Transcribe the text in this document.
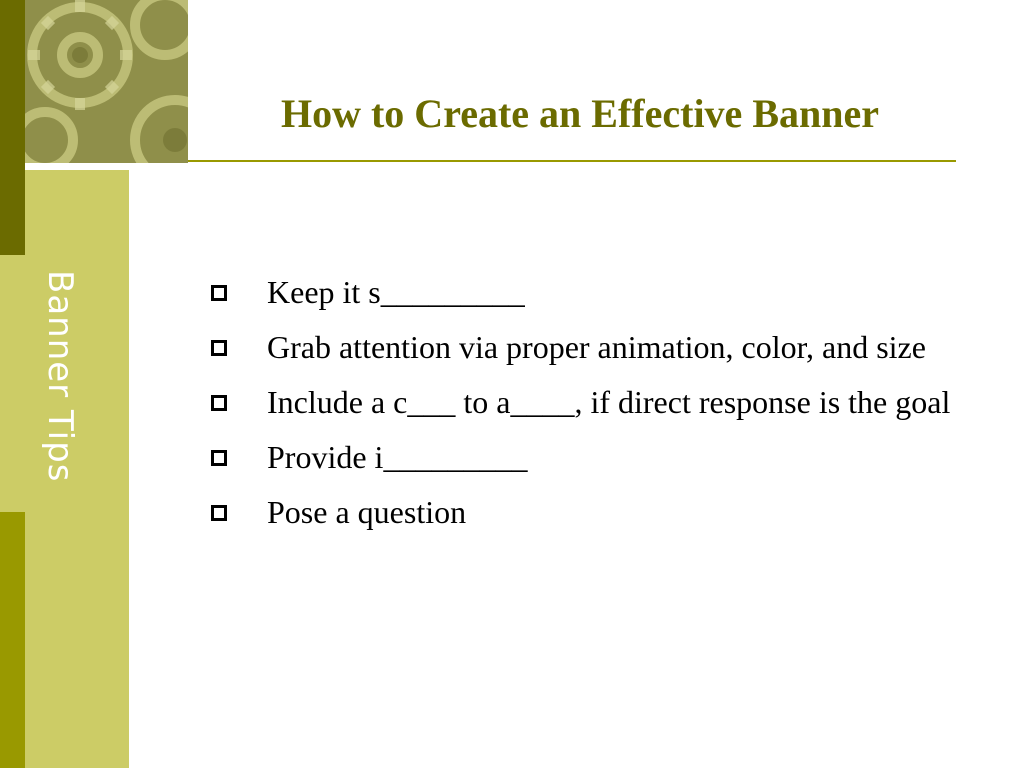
Banner Tips
How to Create an Effective Banner
Keep it s_________
Grab attention via proper animation, color, and size
Include a c___ to a____, if direct response is the goal
Provide i_________
Pose a question
